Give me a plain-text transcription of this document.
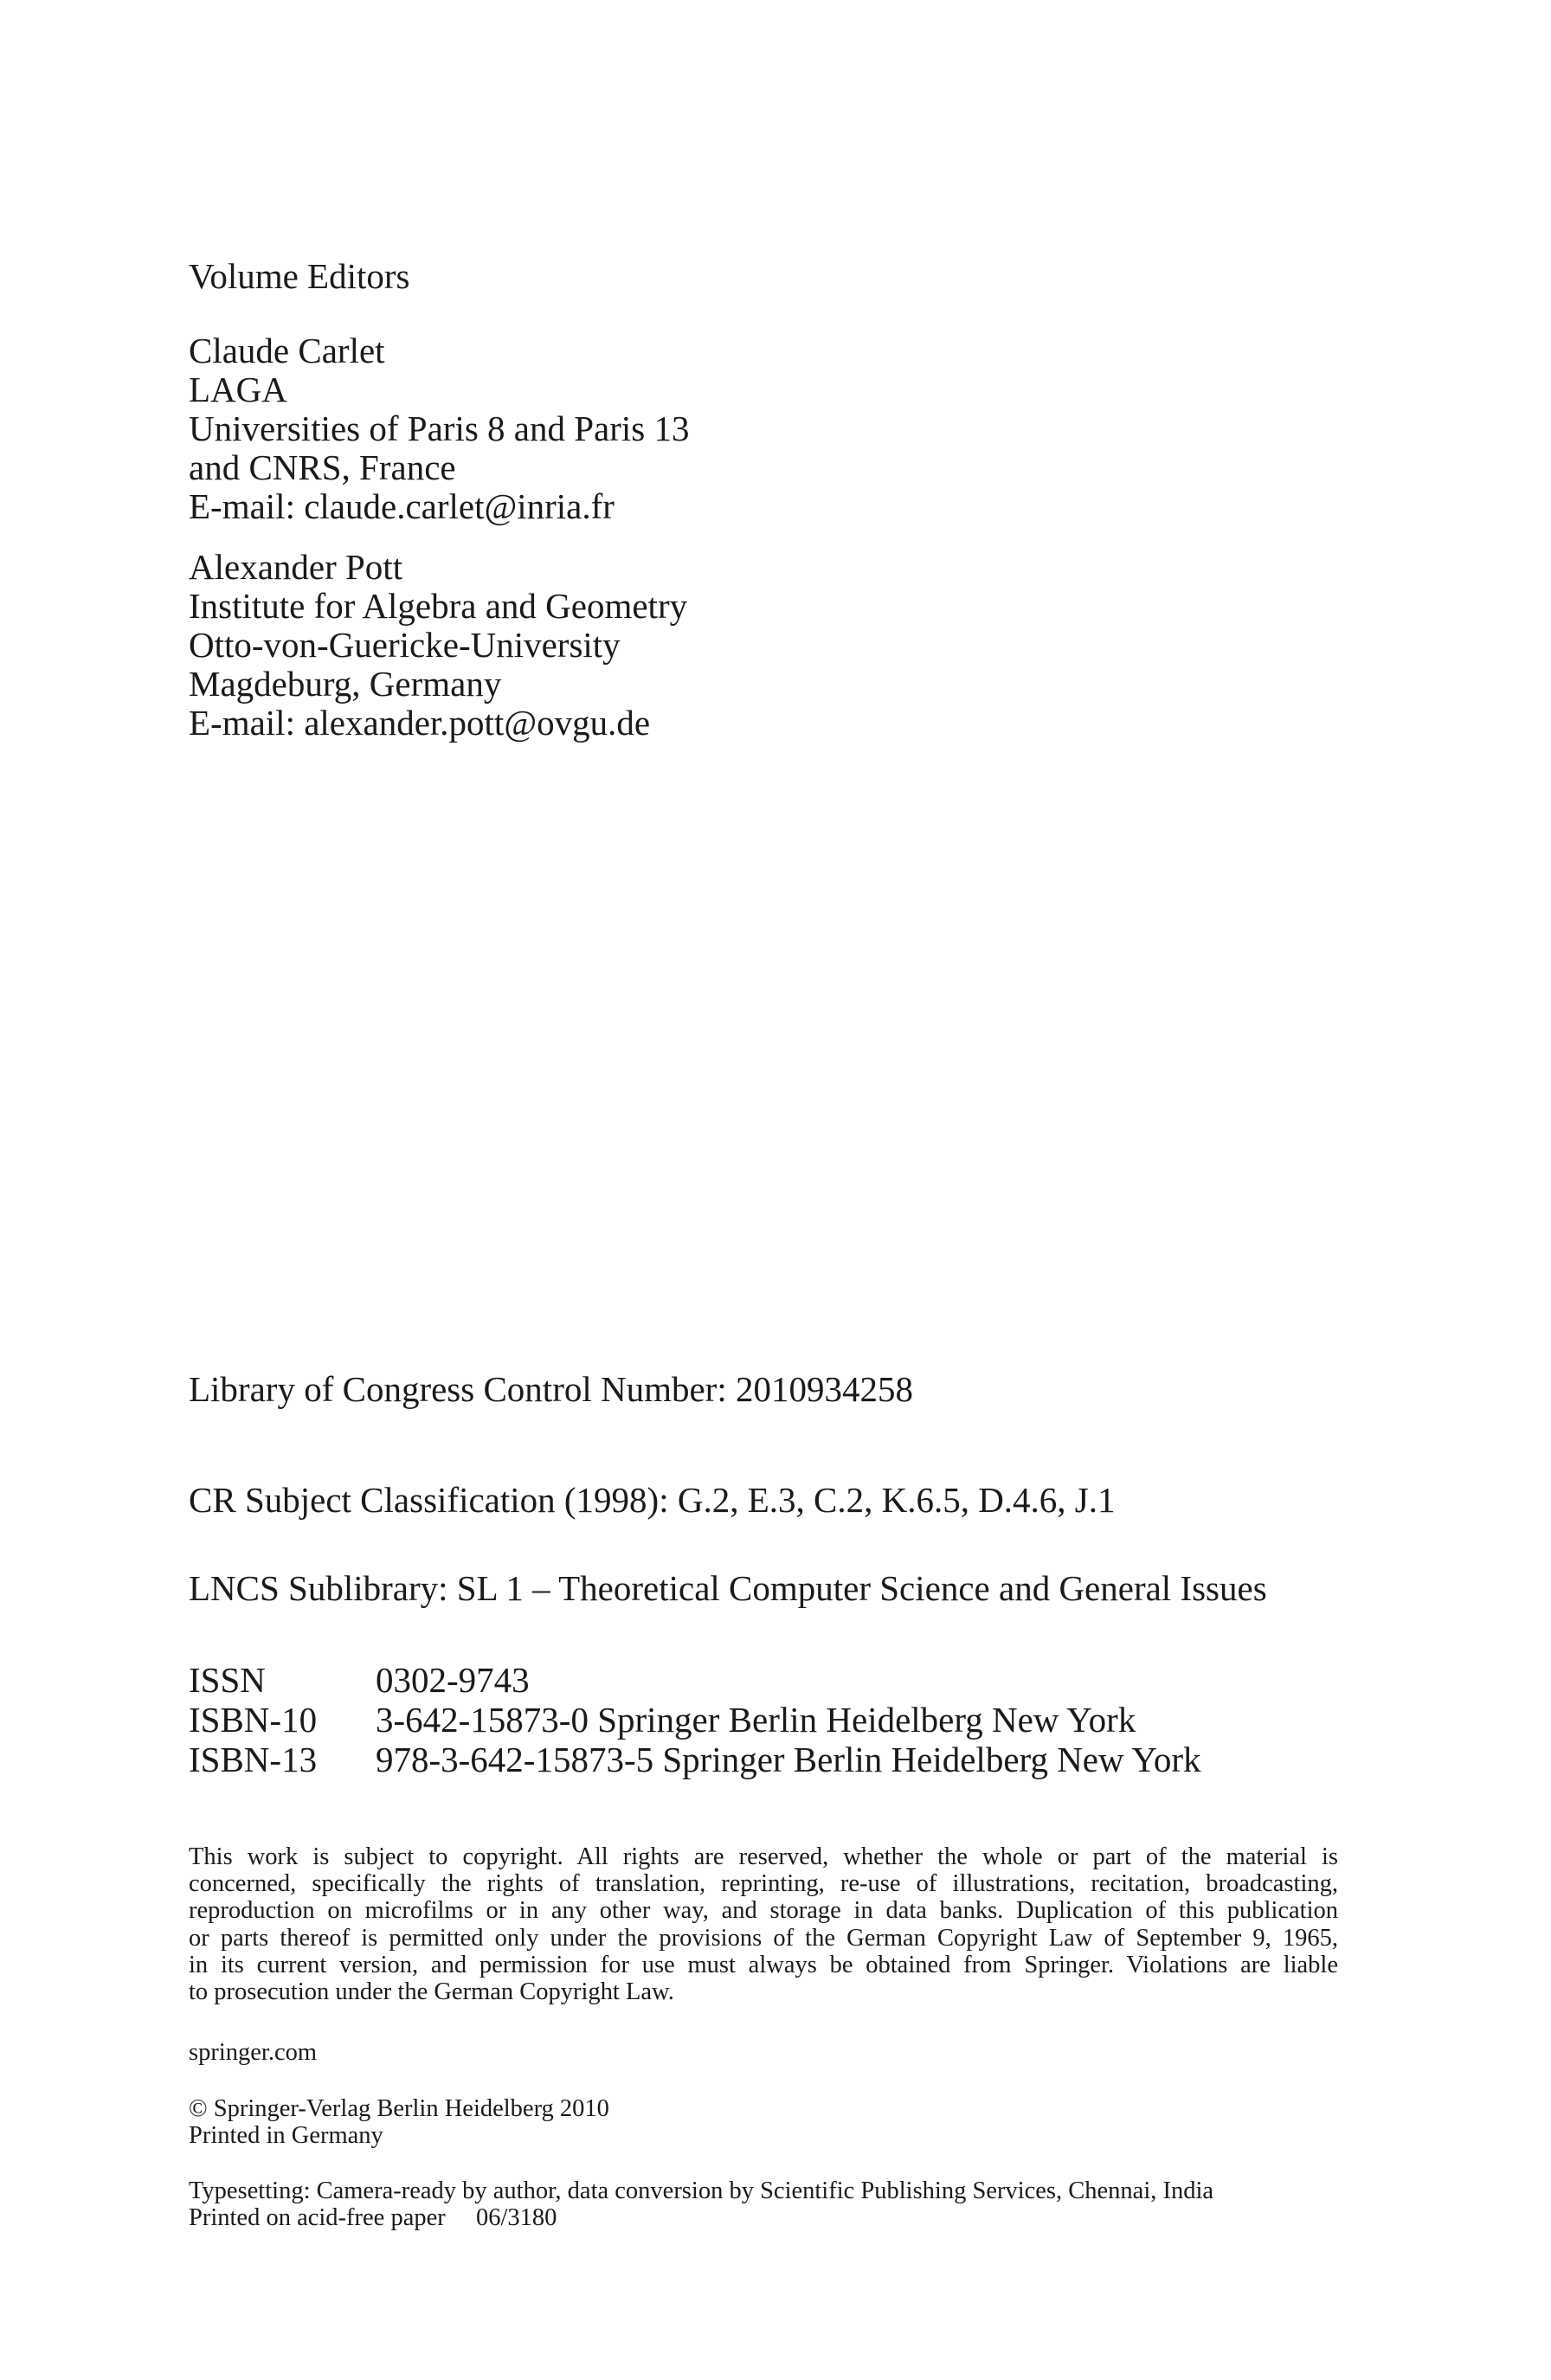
Volume Editors
Claude Carlet
LAGA
Universities of Paris 8 and Paris 13
and CNRS, France
E-mail: claude.carlet@inria.fr
Alexander Pott
Institute for Algebra and Geometry
Otto-von-Guericke-University
Magdeburg, Germany
E-mail: alexander.pott@ovgu.de
Library of Congress Control Number: 2010934258
CR Subject Classification (1998): G.2, E.3, C.2, K.6.5, D.4.6, J.1
LNCS Sublibrary: SL 1 – Theoretical Computer Science and General Issues
ISSN	0302-9743
ISBN-10	3-642-15873-0 Springer Berlin Heidelberg New York
ISBN-13	978-3-642-15873-5 Springer Berlin Heidelberg New York
This work is subject to copyright. All rights are reserved, whether the whole or part of the material is
concerned, specifically the rights of translation, reprinting, re-use of illustrations, recitation, broadcasting,
reproduction on microfilms or in any other way, and storage in data banks. Duplication of this publication
or parts thereof is permitted only under the provisions of the German Copyright Law of September 9, 1965,
in its current version, and permission for use must always be obtained from Springer. Violations are liable
to prosecution under the German Copyright Law.
springer.com
© Springer-Verlag Berlin Heidelberg 2010
Printed in Germany
Typesetting: Camera-ready by author, data conversion by Scientific Publishing Services, Chennai, India
Printed on acid-free paper	06/3180
